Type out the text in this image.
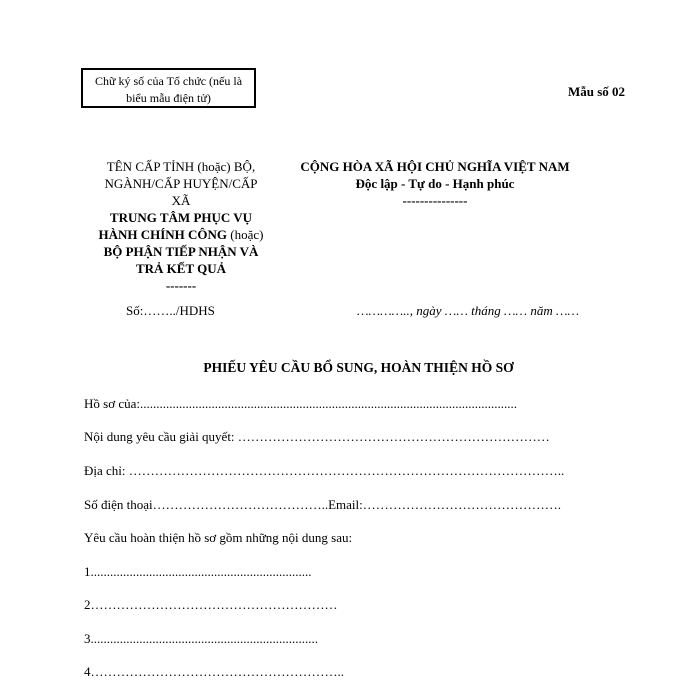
Chữ ký số của Tổ chức (nếu là
biểu mẫu điện tử)	Mẫu số 02
TÊN CẤP TỈNH (hoặc) BỘ,
NGÀNH/CẤP HUYỆN/CẤP
XÃ
TRUNG TÂM PHỤC VỤ
HÀNH CHÍNH CÔNG (hoặc)
BỘ PHẬN TIẾP NHẬN VÀ
TRẢ KẾT QUẢ
-------
CỘNG HÒA XÃ HỘI CHỦ NGHĨA VIỆT NAM
Độc lập - Tự do - Hạnh phúc
---------------
Số:……../HDHS	………….., ngày …… tháng …… năm ……
PHIẾU YÊU CẦU BỔ SUNG, HOÀN THIỆN HỒ SƠ
Hồ sơ của:....................................................................................................................
Nội dung yêu cầu giải quyết: ………………………………………………………………
Địa chỉ: ………………………………………………………………………………………..
Số điện thoại…………………………………..Email:……………………………………….
Yêu cầu hoàn thiện hồ sơ gồm những nội dung sau:
1....................................................................
2…………………………………………………
3......................................................................
4…………………………………………………..
